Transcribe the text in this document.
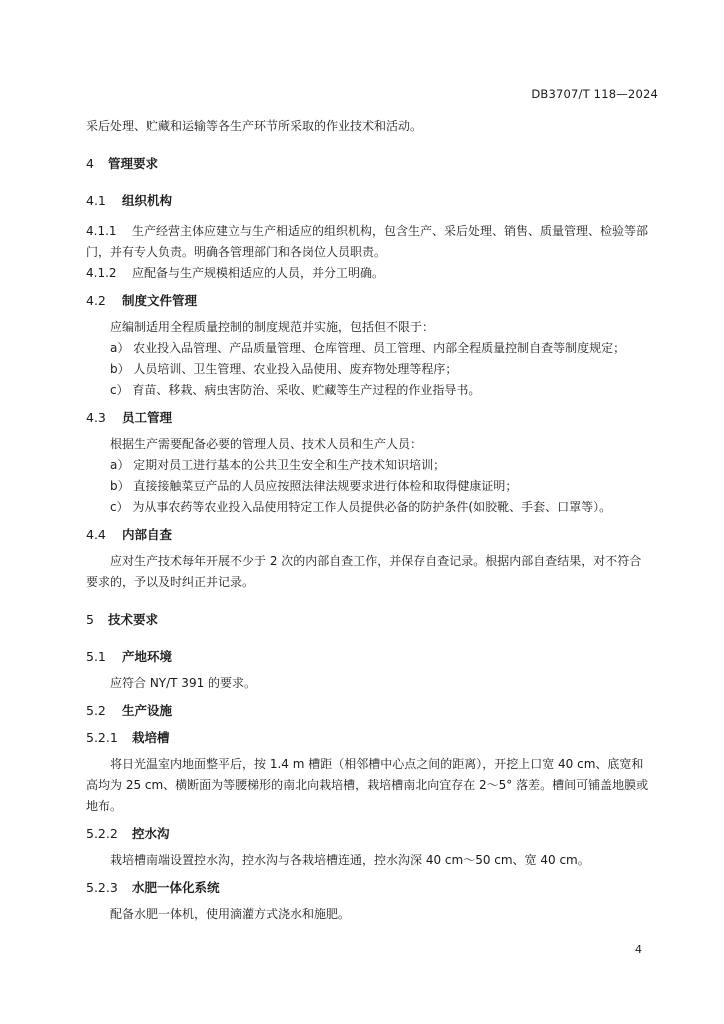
DB3707/T 118—2024

采后处理、贮藏和运输等各生产环节所采取的作业技术和活动。

4 管理要求

4.1 组织机构

4.1.1 生产经营主体应建立与生产相适应的组织机构，包含生产、采后处理、销售、质量管理、检验等部门，并有专人负责。明确各管理部门和各岗位人员职责。

4.1.2 应配备与生产规模相适应的人员，并分工明确。

4.2 制度文件管理

应编制适用全程质量控制的制度规范并实施，包括但不限于：

a） 农业投入品管理、产品质量管理、仓库管理、员工管理、内部全程质量控制自查等制度规定；

b） 人员培训、卫生管理、农业投入品使用、废弃物处理等程序；

c） 育苗、移栽、病虫害防治、采收、贮藏等生产过程的作业指导书。

4.3 员工管理

根据生产需要配备必要的管理人员、技术人员和生产人员：

a） 定期对员工进行基本的公共卫生安全和生产技术知识培训；

b） 直接接触菜豆产品的人员应按照法律法规要求进行体检和取得健康证明；

c） 为从事农药等农业投入品使用特定工作人员提供必备的防护条件(如胶靴、手套、口罩等）。

4.4 内部自查

应对生产技术每年开展不少于 2 次的内部自查工作，并保存自查记录。根据内部自查结果，对不符合要求的，予以及时纠正并记录。

5 技术要求

5.1 产地环境

应符合 NY/T 391 的要求。

5.2 生产设施

5.2.1 栽培槽

将日光温室内地面整平后，按 1.4 m 槽距（相邻槽中心点之间的距离），开挖上口宽 40 cm、底宽和高均为 25 cm、横断面为等腰梯形的南北向栽培槽，栽培槽南北向宜存在 2～5° 落差。槽间可铺盖地膜或地布。

5.2.2 控水沟

栽培槽南端设置控水沟，控水沟与各栽培槽连通，控水沟深 40 cm～50 cm、宽 40 cm。

5.2.3 水肥一体化系统

配备水肥一体机，使用滴灌方式浇水和施肥。

4
